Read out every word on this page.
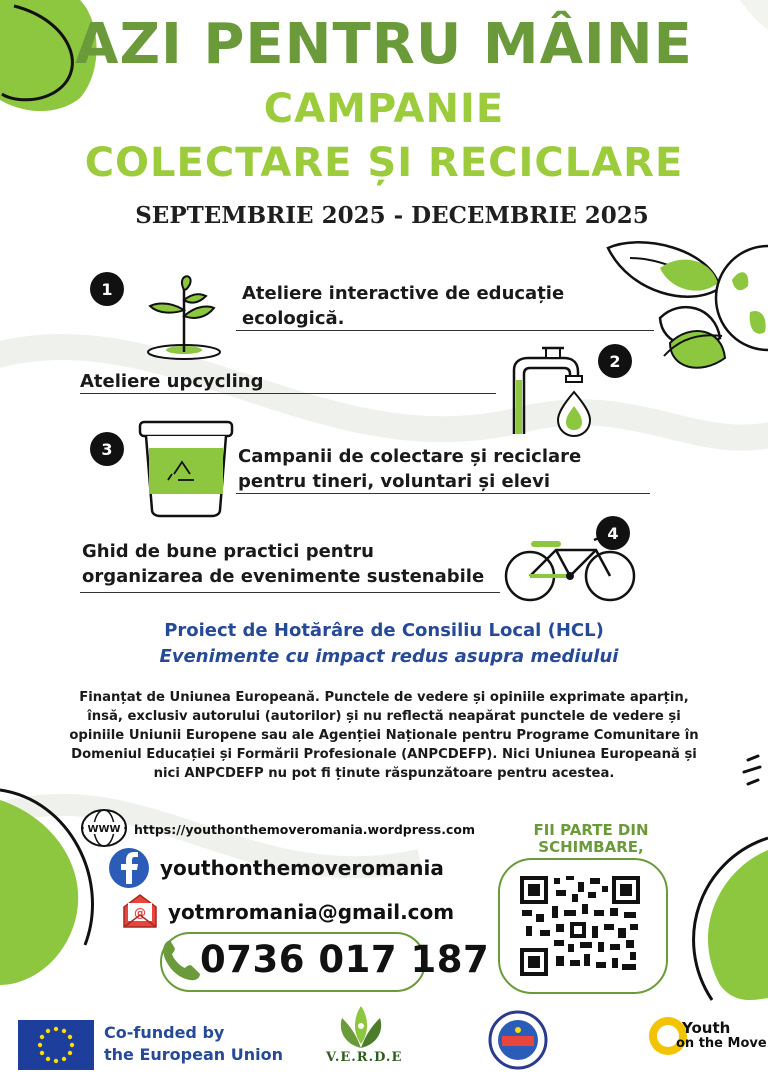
AZI PENTRU MÂINE
CAMPANIE
COLECTARE ȘI RECICLARE
SEPTEMBRIE 2025 - DECEMBRIE 2025
1	Ateliere interactive de educație
ecologică.
Ateliere upcycling
2
3	Campanii de colectare și reciclare
pentru tineri, voluntari și elevi
4
Ghid de bune practici pentru
organizarea de evenimente sustenabile
Proiect de Hotărâre de Consiliu Local (HCL)
Evenimente cu impact redus asupra mediului
Finanțat de Uniunea Europeană. Punctele de vedere și opiniile exprimate aparțin, însă, exclusiv autorului (autorilor) și nu reflectă neapărat punctele de vedere și opiniile Uniunii Europene sau ale Agenției Naționale pentru Programe Comunitare în Domeniul Educației și Formării Profesionale (ANPCDEFP). Nici Uniunea Europeană și nici ANPCDEFP nu pot fi ținute răspunzătoare pentru acestea.
WWW https://youthonthemoveromania.wordpress.com
youthonthemoveromania
@ yotmromania@gmail.com
0736 017 187
FII PARTE DIN
SCHIMBARE,
Co-funded by
the European Union	V.E.R.D.E
Youth
on the Move
